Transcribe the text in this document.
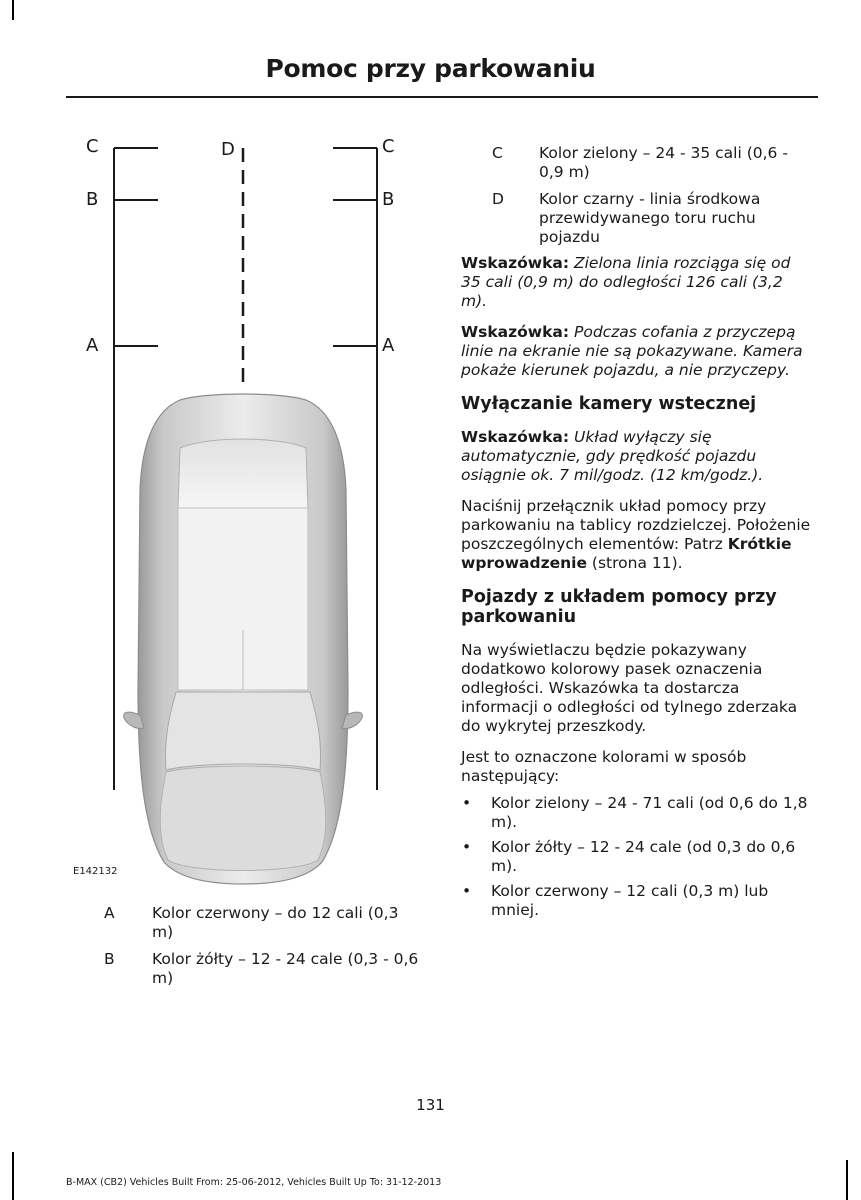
Pomoc przy parkowaniu
C	D	C
B	B
A	A
E142132
A	Kolor czerwony – do 12 cali (0,3 m)
B	Kolor żółty – 12 - 24 cale (0,3 - 0,6 m)
C	Kolor zielony – 24 - 35 cali (0,6 - 0,9 m)
D	Kolor czarny - linia środkowa przewidywanego toru ruchu pojazdu

Wskazówka: Zielona linia rozciąga się od 35 cali (0,9 m) do odległości 126 cali (3,2 m).

Wskazówka: Podczas cofania z przyczepą linie na ekranie nie są pokazywane. Kamera pokaże kierunek pojazdu, a nie przyczepy.

Wyłączanie kamery wstecznej

Wskazówka: Układ wyłączy się automatycznie, gdy prędkość pojazdu osiągnie ok. 7 mil/godz. (12 km/godz.).

Naciśnij przełącznik układ pomocy przy parkowaniu na tablicy rozdzielczej. Położenie poszczególnych elementów: Patrz Krótkie wprowadzenie (strona 11).

Pojazdy z układem pomocy przy parkowaniu

Na wyświetlaczu będzie pokazywany dodatkowo kolorowy pasek oznaczenia odległości. Wskazówka ta dostarcza informacji o odległości od tylnego zderzaka do wykrytej przeszkody.

Jest to oznaczone kolorami w sposób następujący:

• Kolor zielony – 24 - 71 cali (od 0,6 do 1,8 m).
• Kolor żółty – 12 - 24 cale (od 0,3 do 0,6 m).
• Kolor czerwony – 12 cali (0,3 m) lub mniej.
131
B-MAX (CB2) Vehicles Built From: 25-06-2012, Vehicles Built Up To: 31-12-2013
